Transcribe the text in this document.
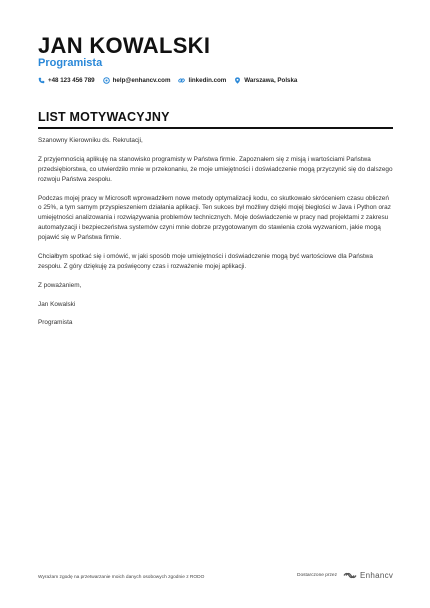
JAN KOWALSKI
Programista
+48 123 456 789	help@enhancv.com	linkedin.com	Warszawa, Polska
LIST MOTYWACYJNY

Szanowny Kierowniku ds. Rekrutacji,

Z przyjemnością aplikuję na stanowisko programisty w Państwa firmie. Zapoznałem się z misją i wartościami Państwa przedsiębiorstwa, co utwierdziło mnie w przekonaniu, że moje umiejętności i doświadczenie mogą przyczynić się do dalszego rozwoju Państwa zespołu.

Podczas mojej pracy w Microsoft wprowadziłem nowe metody optymalizacji kodu, co skutkowało skróceniem czasu obliczeń o 25%, a tym samym przyspieszeniem działania aplikacji. Ten sukces był możliwy dzięki mojej biegłości w Java i Python oraz umiejętności analizowania i rozwiązywania problemów technicznych. Moje doświadczenie w pracy nad projektami z zakresu automatyzacji i bezpieczeństwa systemów czyni mnie dobrze przygotowanym do stawienia czoła wyzwaniom, jakie mogą pojawić się w Państwa firmie.

Chciałbym spotkać się i omówić, w jaki sposób moje umiejętności i doświadczenie mogą być wartościowe dla Państwa zespołu. Z góry dziękuję za poświęcony czas i rozważenie mojej aplikacji.

Z poważaniem,

Jan Kowalski

Programista

Wyrażam zgodę na przetwarzanie moich danych osobowych zgodnie z RODO	Dostarczone przez	Enhancv
